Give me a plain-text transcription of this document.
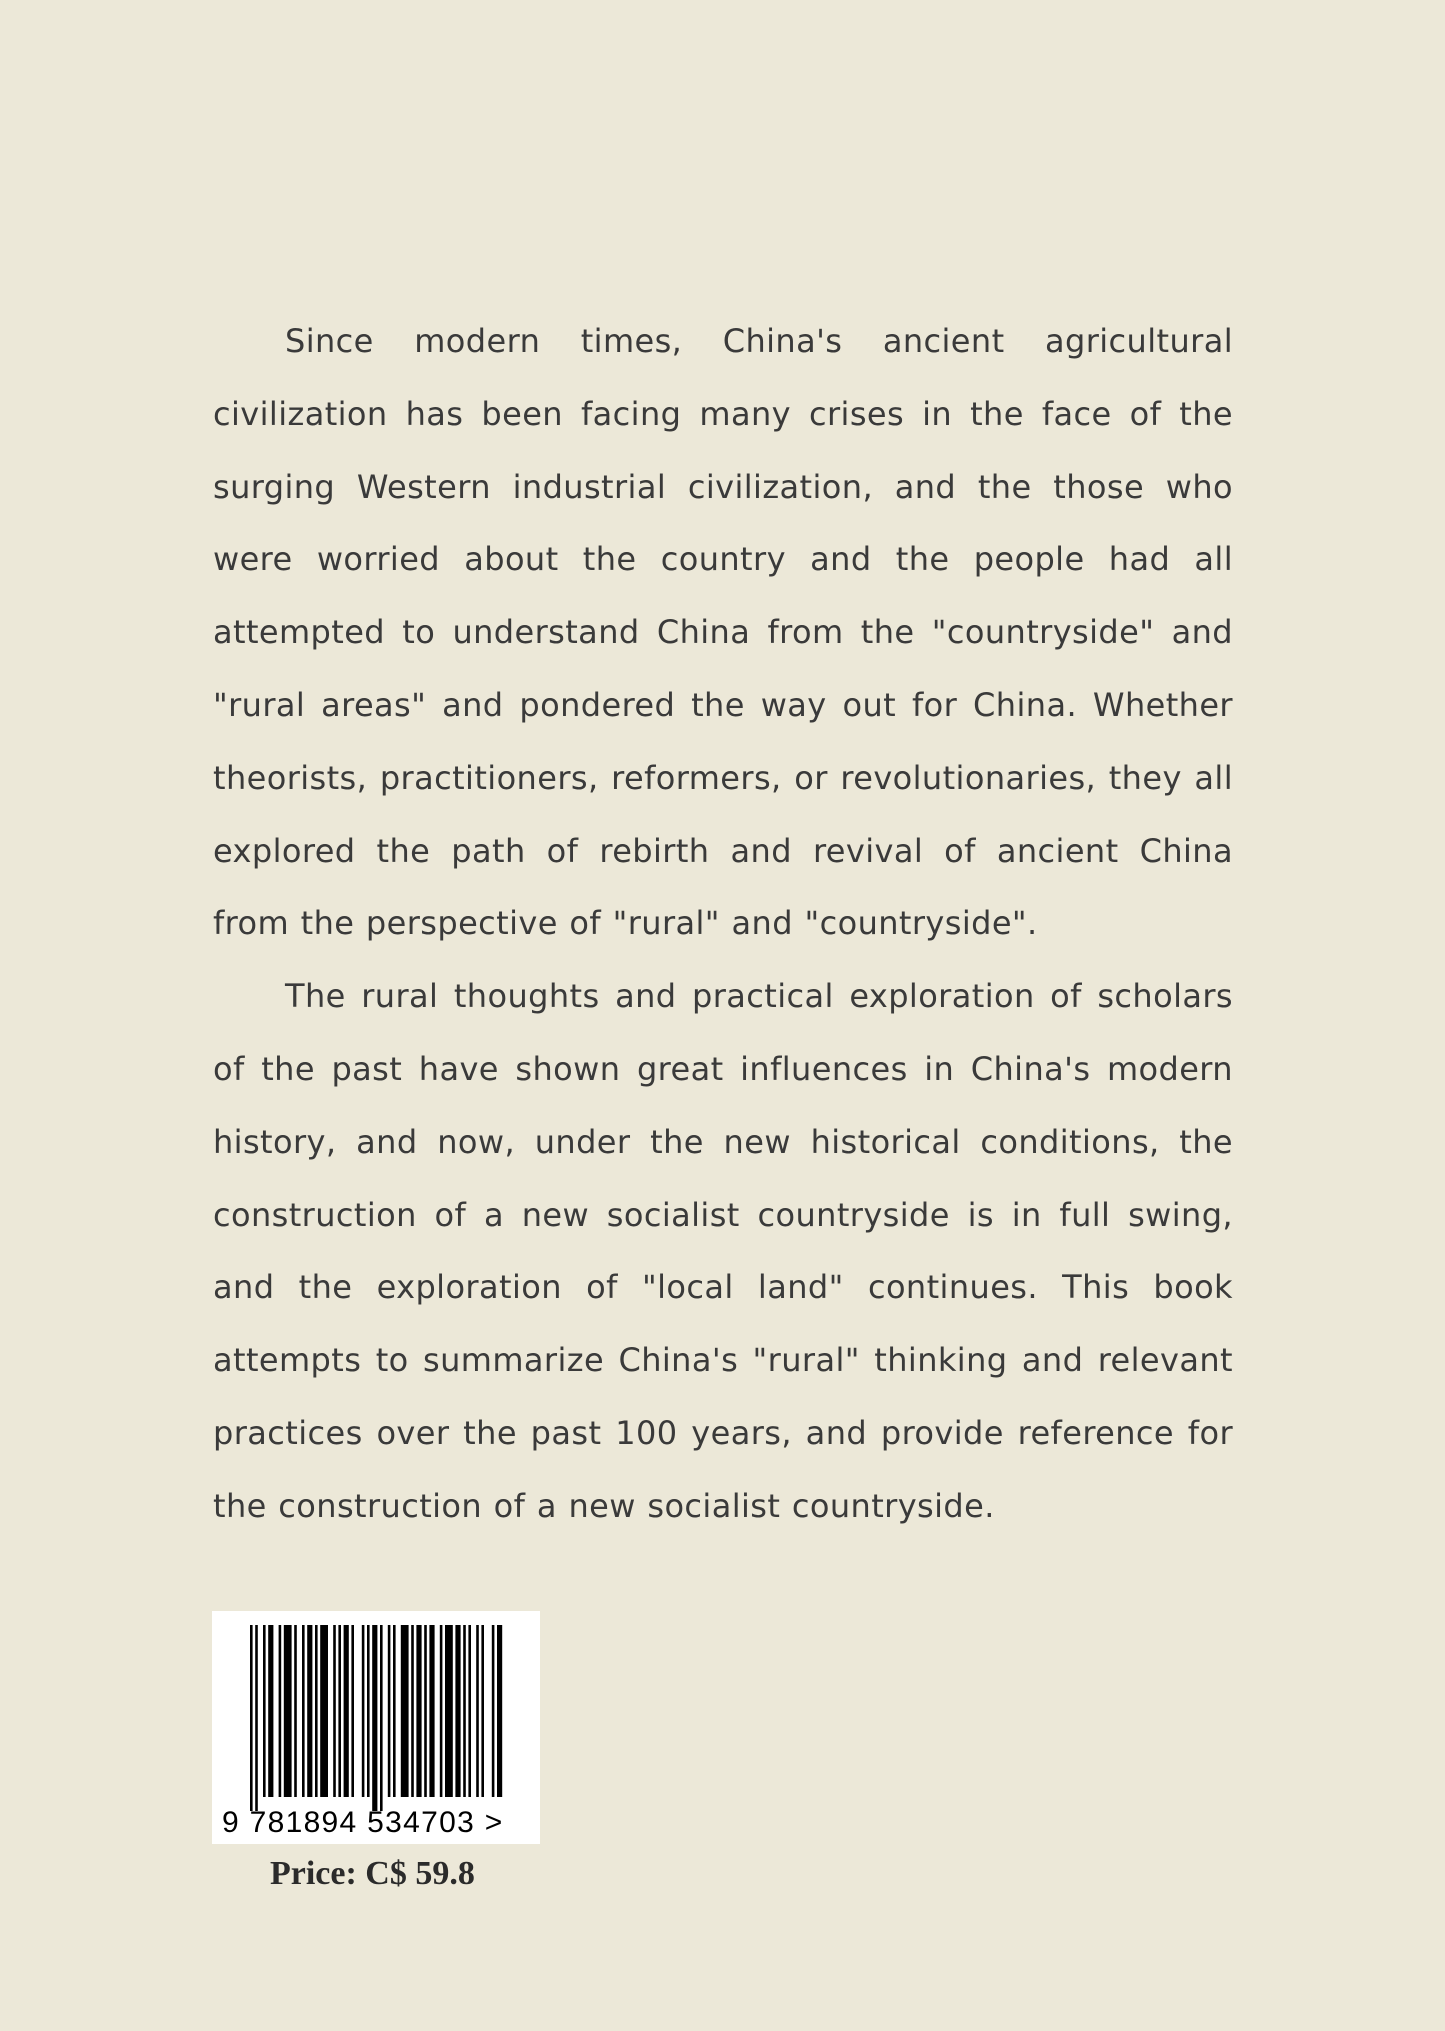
Since modern times, China's ancient agricultural civilization has been facing many crises in the face of the surging Western industrial civilization, and the those who were worried about the country and the people had all attempted to understand China from the "countryside" and "rural areas" and pondered the way out for China. Whether theorists, practitioners, reformers, or revolutionaries, they all explored the path of rebirth and revival of ancient China from the perspective of "rural" and "countryside".

The rural thoughts and practical exploration of scholars of the past have shown great influences in China's modern history, and now, under the new historical conditions, the construction of a new socialist countryside is in full swing, and the exploration of "local land" continues. This book attempts to summarize China's "rural" thinking and relevant practices over the past 100 years, and provide reference for the construction of a new socialist countryside.

9 781894 534703 >
Price: C$ 59.8
